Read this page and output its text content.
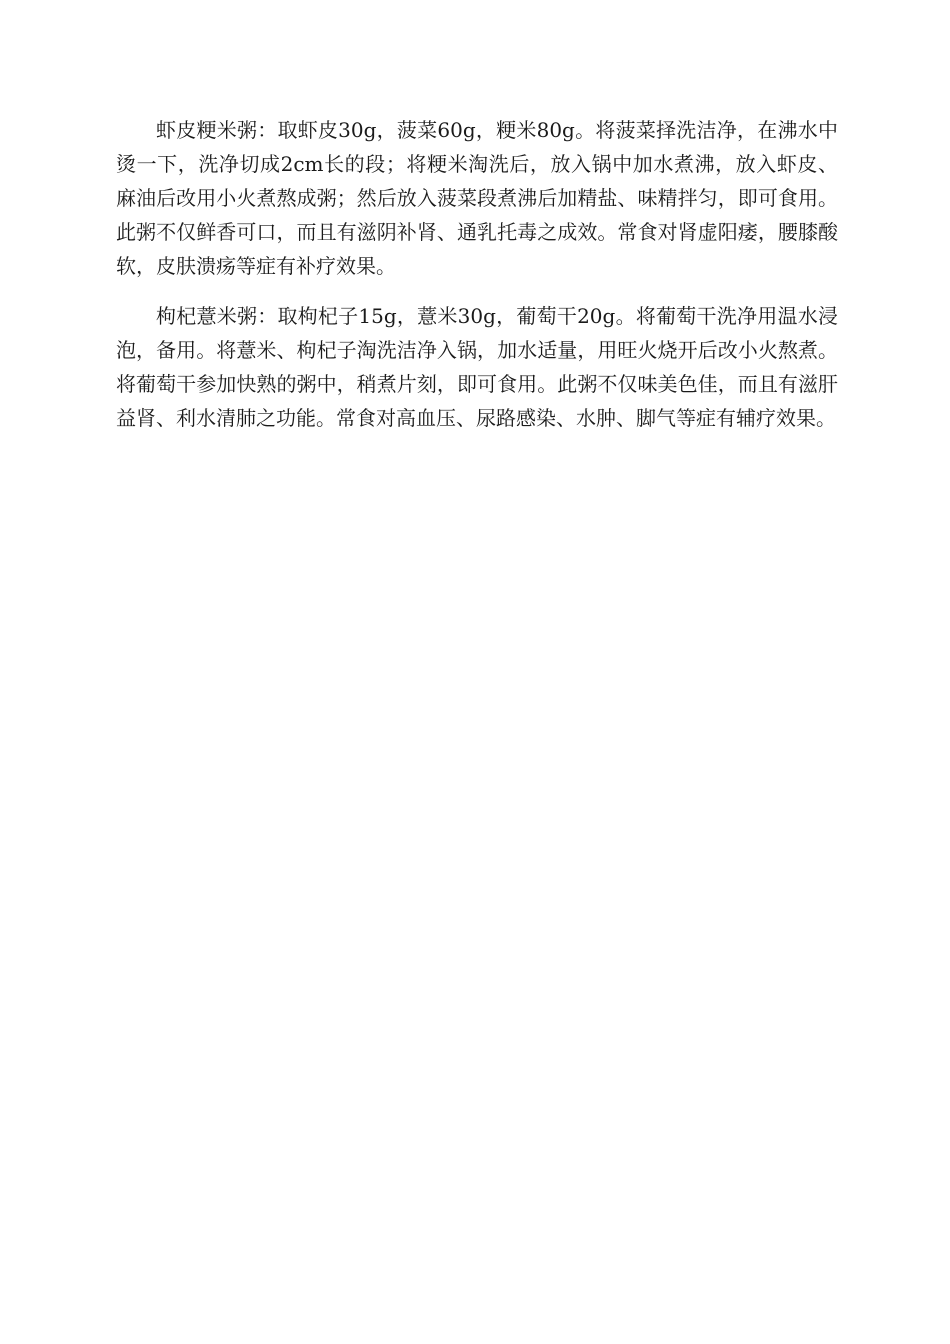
虾皮粳米粥：取虾皮30g，菠菜60g，粳米80g。将菠菜择洗洁净，在沸水中烫一下，洗净切成2cm长的段；将粳米淘洗后，放入锅中加水煮沸，放入虾皮、麻油后改用小火煮熬成粥；然后放入菠菜段煮沸后加精盐、味精拌匀，即可食用。此粥不仅鲜香可口，而且有滋阴补肾、通乳托毒之成效。常食对肾虚阳痿，腰膝酸软，皮肤溃疡等症有补疗效果。

枸杞薏米粥：取枸杞子15g，薏米30g，葡萄干20g。将葡萄干洗净用温水浸泡，备用。将薏米、枸杞子淘洗洁净入锅，加水适量，用旺火烧开后改小火熬煮。将葡萄干参加快熟的粥中，稍煮片刻，即可食用。此粥不仅味美色佳，而且有滋肝益肾、利水清肺之功能。常食对高血压、尿路感染、水肿、脚气等症有辅疗效果。
